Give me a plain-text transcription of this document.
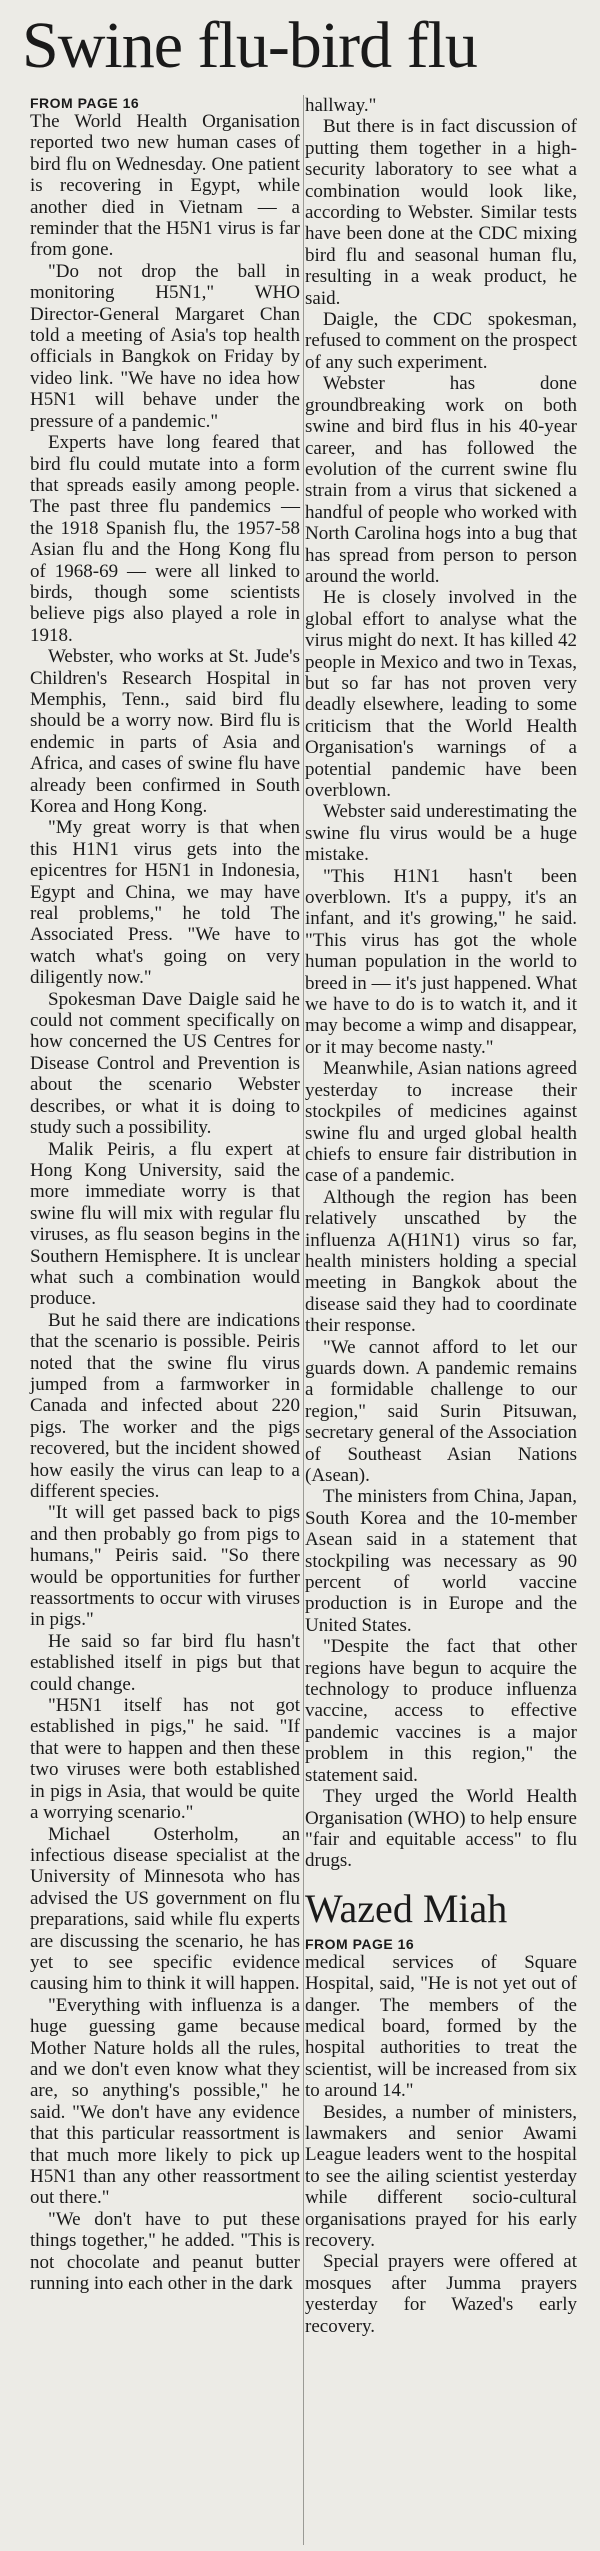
Swine flu-bird flu
FROM PAGE 16

The World Health Organisation reported two new human cases of bird flu on Wednesday. One patient is recovering in Egypt, while another died in Vietnam — a reminder that the H5N1 virus is far from gone.

"Do not drop the ball in monitoring H5N1," WHO Director-General Margaret Chan told a meeting of Asia's top health officials in Bangkok on Friday by video link. "We have no idea how H5N1 will behave under the pressure of a pandemic."

Experts have long feared that bird flu could mutate into a form that spreads easily among people. The past three flu pandemics — the 1918 Spanish flu, the 1957-58 Asian flu and the Hong Kong flu of 1968-69 — were all linked to birds, though some scientists believe pigs also played a role in 1918.

Webster, who works at St. Jude's Children's Research Hospital in Memphis, Tenn., said bird flu should be a worry now. Bird flu is endemic in parts of Asia and Africa, and cases of swine flu have already been confirmed in South Korea and Hong Kong.

"My great worry is that when this H1N1 virus gets into the epicentres for H5N1 in Indonesia, Egypt and China, we may have real problems," he told The Associated Press. "We have to watch what's going on very diligently now."

Spokesman Dave Daigle said he could not comment specifically on how concerned the US Centres for Disease Control and Prevention is about the scenario Webster describes, or what it is doing to study such a possibility.

Malik Peiris, a flu expert at Hong Kong University, said the more immediate worry is that swine flu will mix with regular flu viruses, as flu season begins in the Southern Hemisphere. It is unclear what such a combination would produce.

But he said there are indications that the scenario is possible. Peiris noted that the swine flu virus jumped from a farmworker in Canada and infected about 220 pigs. The worker and the pigs recovered, but the incident showed how easily the virus can leap to a different species.

"It will get passed back to pigs and then probably go from pigs to humans," Peiris said. "So there would be opportunities for further reassortments to occur with viruses in pigs."

He said so far bird flu hasn't established itself in pigs but that could change.

"H5N1 itself has not got established in pigs," he said. "If that were to happen and then these two viruses were both established in pigs in Asia, that would be quite a worrying scenario."

Michael Osterholm, an infectious disease specialist at the University of Minnesota who has advised the US government on flu preparations, said while flu experts are discussing the scenario, he has yet to see specific evidence causing him to think it will happen.

"Everything with influenza is a huge guessing game because Mother Nature holds all the rules, and we don't even know what they are, so anything's possible," he said. "We don't have any evidence that this particular reassortment is that much more likely to pick up H5N1 than any other reassortment out there."

"We don't have to put these things together," he added. "This is not chocolate and peanut butter running into each other in the dark

hallway."

But there is in fact discussion of putting them together in a high-security laboratory to see what a combination would look like, according to Webster. Similar tests have been done at the CDC mixing bird flu and seasonal human flu, resulting in a weak product, he said.

Daigle, the CDC spokesman, refused to comment on the prospect of any such experiment.

Webster has done groundbreaking work on both swine and bird flus in his 40-year career, and has followed the evolution of the current swine flu strain from a virus that sickened a handful of people who worked with North Carolina hogs into a bug that has spread from person to person around the world.

He is closely involved in the global effort to analyse what the virus might do next. It has killed 42 people in Mexico and two in Texas, but so far has not proven very deadly elsewhere, leading to some criticism that the World Health Organisation's warnings of a potential pandemic have been overblown.

Webster said underestimating the swine flu virus would be a huge mistake.

"This H1N1 hasn't been overblown. It's a puppy, it's an infant, and it's growing," he said. "This virus has got the whole human population in the world to breed in — it's just happened. What we have to do is to watch it, and it may become a wimp and disappear, or it may become nasty."

Meanwhile, Asian nations agreed yesterday to increase their stockpiles of medicines against swine flu and urged global health chiefs to ensure fair distribution in case of a pandemic.

Although the region has been relatively unscathed by the influenza A(H1N1) virus so far, health ministers holding a special meeting in Bangkok about the disease said they had to coordinate their response.

"We cannot afford to let our guards down. A pandemic remains a formidable challenge to our region," said Surin Pitsuwan, secretary general of the Association of Southeast Asian Nations (Asean).

The ministers from China, Japan, South Korea and the 10-member Asean said in a statement that stockpiling was necessary as 90 percent of world vaccine production is in Europe and the United States.

"Despite the fact that other regions have begun to acquire the technology to produce influenza vaccine, access to effective pandemic vaccines is a major problem in this region," the statement said.

They urged the World Health Organisation (WHO) to help ensure "fair and equitable access" to flu drugs.

Wazed Miah
FROM PAGE 16

medical services of Square Hospital, said, "He is not yet out of danger. The members of the medical board, formed by the hospital authorities to treat the scientist, will be increased from six to around 14."

Besides, a number of ministers, lawmakers and senior Awami League leaders went to the hospital to see the ailing scientist yesterday while different socio-cultural organisations prayed for his early recovery.

Special prayers were offered at mosques after Jumma prayers yesterday for Wazed's early recovery.
